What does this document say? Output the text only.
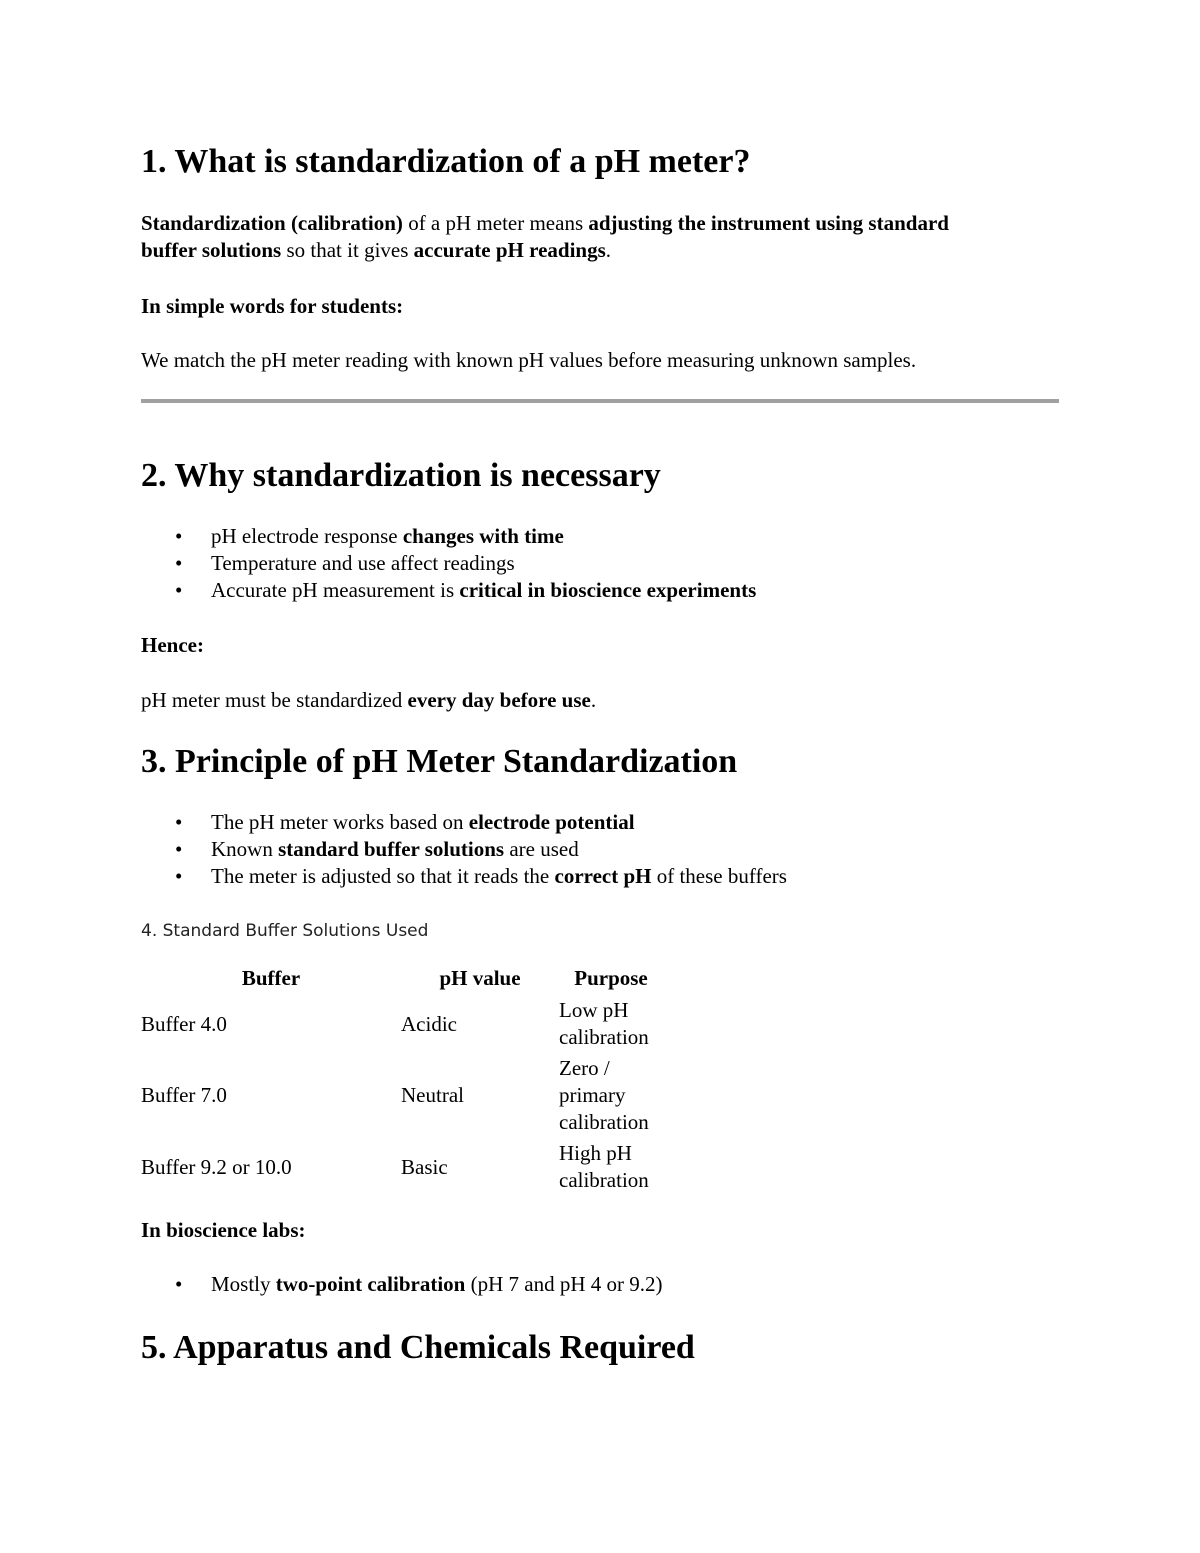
1. What is standardization of a pH meter?

Standardization (calibration) of a pH meter means adjusting the instrument using standard

buffer solutions so that it gives accurate pH readings.

In simple words for students:

We match the pH meter reading with known pH values before measuring unknown samples.

2. Why standardization is necessary
• pH electrode response changes with time
• Temperature and use affect readings
• Accurate pH measurement is critical in bioscience experiments

Hence:

pH meter must be standardized every day before use.

3. Principle of pH Meter Standardization
• The pH meter works based on electrode potential
• Known standard buffer solutions are used
• The meter is adjusted so that it reads the correct pH of these buffers

4. Standard Buffer Solutions Used

Buffer	pH value	Purpose
Buffer 4.0	Acidic	Low pH calibration
Buffer 7.0	Neutral	Zero / primary calibration
Buffer 9.2 or 10.0	Basic	High pH calibration

In bioscience labs:

• Mostly two-point calibration (pH 7 and pH 4 or 9.2)
5. Apparatus and Chemicals Required
